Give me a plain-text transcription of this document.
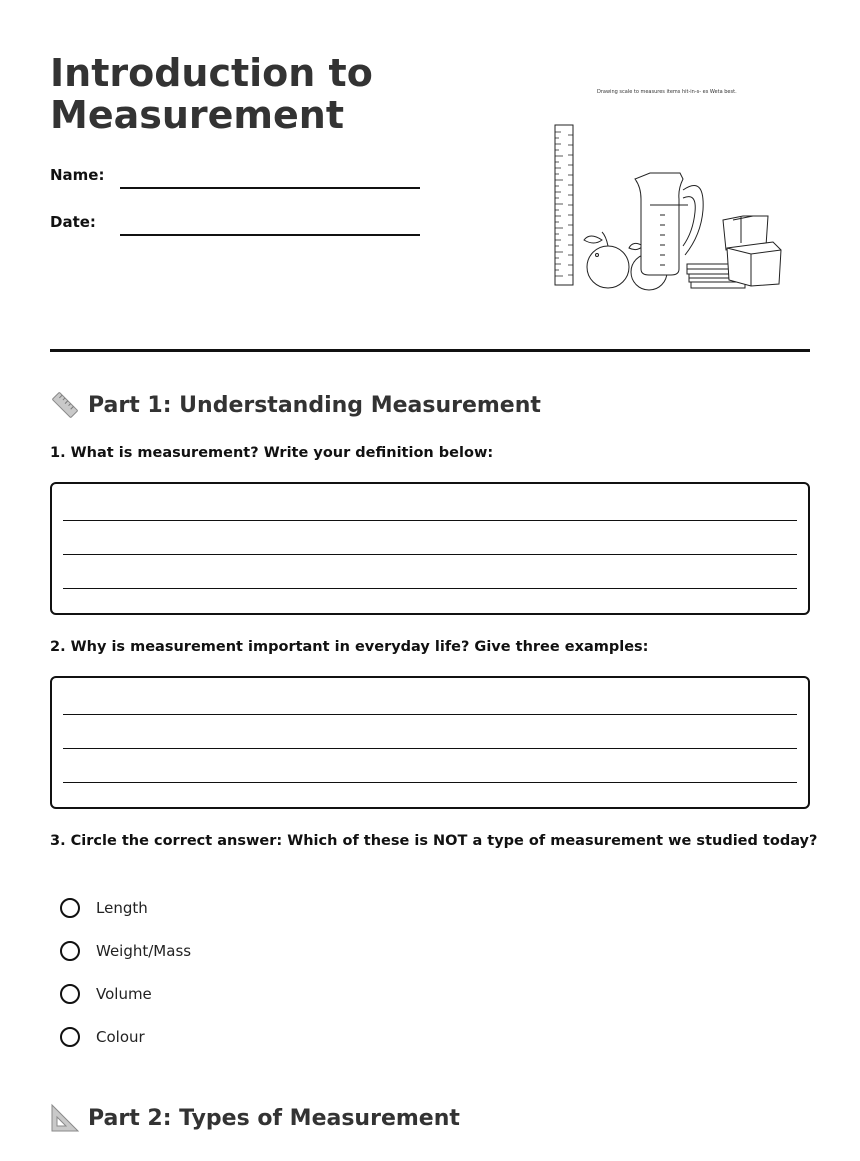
Introduction to Measurement
Name:
Date:
Drawing scale to measures items hit-in-s- es Weta best.
Part 1: Understanding Measurement

1. What is measurement? Write your definition below:

2. Why is measurement important in everyday life? Give three examples:

3. Circle the correct answer: Which of these is NOT a type of measurement we studied today?

Length
Weight/Mass
Volume
Colour
Part 2: Types of Measurement
